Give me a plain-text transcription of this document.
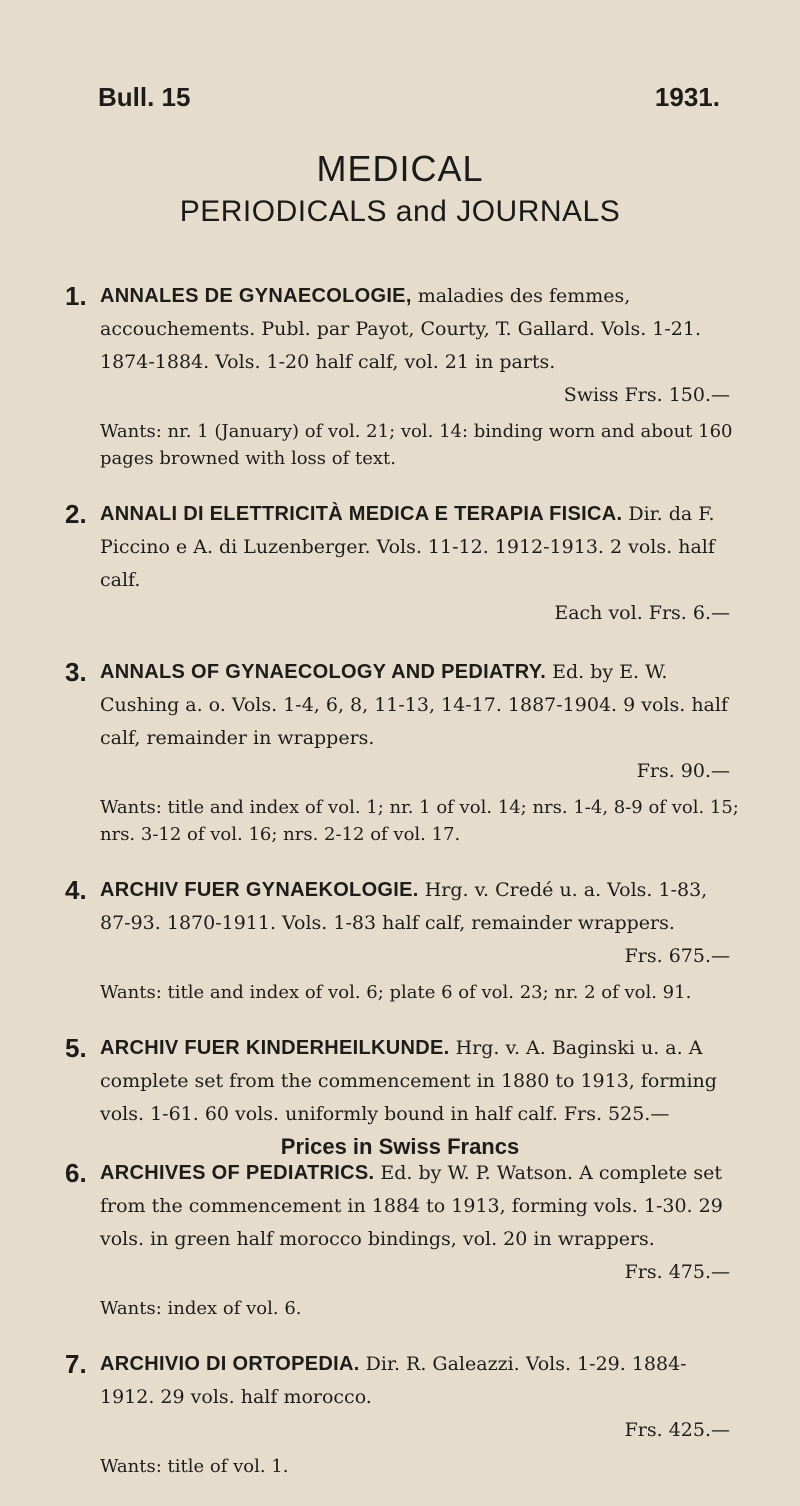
Bull. 15	1931.
MEDICAL
PERIODICALS and JOURNALS
1. ANNALES DE GYNAECOLOGIE, maladies des femmes, accouchements. Publ. par Payot, Courty, T. Gallard. Vols. 1-21. 1874-1884. Vols. 1-20 half calf, vol. 21 in parts.
Swiss Frs. 150.—
Wants: nr. 1 (January) of vol. 21; vol. 14: binding worn and about 160 pages browned with loss of text.
2. ANNALI DI ELETTRICITÀ MEDICA E TERAPIA FISICA. Dir. da F. Piccino e A. di Luzenberger. Vols. 11-12. 1912-1913. 2 vols. half calf.
Each vol. Frs. 6.—
3. ANNALS OF GYNAECOLOGY AND PEDIATRY. Ed. by E. W. Cushing a. o. Vols. 1-4, 6, 8, 11-13, 14-17. 1887-1904. 9 vols. half calf, remainder in wrappers.
Frs. 90.—
Wants: title and index of vol. 1; nr. 1 of vol. 14; nrs. 1-4, 8-9 of vol. 15; nrs. 3-12 of vol. 16; nrs. 2-12 of vol. 17.
4. ARCHIV FUER GYNAEKOLOGIE. Hrg. v. Credé u. a. Vols. 1-83, 87-93. 1870-1911. Vols. 1-83 half calf, remainder wrappers.
Frs. 675.—
Wants: title and index of vol. 6; plate 6 of vol. 23; nr. 2 of vol. 91.
5. ARCHIV FUER KINDERHEILKUNDE. Hrg. v. A. Baginski u. a. A complete set from the commencement in 1880 to 1913, forming vols. 1-61. 60 vols. uniformly bound in half calf. Frs. 525.—
6. ARCHIVES OF PEDIATRICS. Ed. by W. P. Watson. A complete set from the commencement in 1884 to 1913, forming vols. 1-30. 29 vols. in green half morocco bindings, vol. 20 in wrappers.
Frs. 475.—
Wants: index of vol. 6.
7. ARCHIVIO DI ORTOPEDIA. Dir. R. Galeazzi. Vols. 1-29. 1884-1912. 29 vols. half morocco.
Frs. 425.—
Wants: title of vol. 1.
Prices in Swiss Francs
